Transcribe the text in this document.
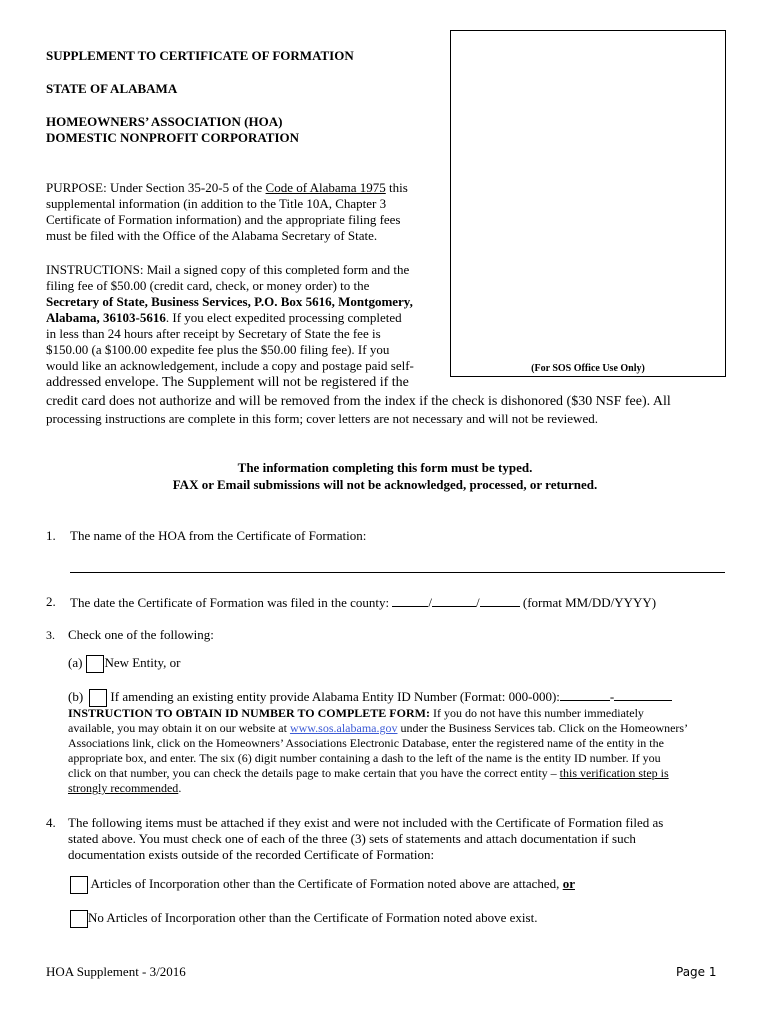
SUPPLEMENT TO CERTIFICATE OF FORMATION
STATE OF ALABAMA
HOMEOWNERS’ ASSOCIATION (HOA)
DOMESTIC NONPROFIT CORPORATION
(For SOS Office Use Only)

PURPOSE: Under Section 35-20-5 of the Code of Alabama 1975 this

supplemental information (in addition to the Title 10A, Chapter 3

Certificate of Formation information) and the appropriate filing fees

must be filed with the Office of the Alabama Secretary of State.

INSTRUCTIONS: Mail a signed copy of this completed form and the

filing fee of $50.00 (credit card, check, or money order) to the

Secretary of State, Business Services, P.O. Box 5616, Montgomery,

Alabama, 36103-5616. If you elect expedited processing completed

in less than 24 hours after receipt by Secretary of State the fee is

$150.00 (a $100.00 expedite fee plus the $50.00 filing fee). If you

would like an acknowledgement, include a copy and postage paid self-

addressed envelope. The Supplement will not be registered if the

credit card does not authorize and will be removed from the index if the check is dishonored ($30 NSF fee). All
processing instructions are complete in this form; cover letters are not necessary and will not be reviewed.
The information completing this form must be typed.
FAX or Email submissions will not be acknowledged, processed, or returned.
1. The name of the HOA from the Certificate of Formation:
2. The date the Certificate of Formation was filed in the county:	/	/	(format MM/DD/YYYY)
3. Check one of the following:
(a) New Entity, or
(b) If amending an existing entity provide Alabama Entity ID Number (Format: 000-000):	-

INSTRUCTION TO OBTAIN ID NUMBER TO COMPLETE FORM: If you do not have this number immediately

available, you may obtain it on our website at www.sos.alabama.gov under the Business Services tab. Click on the Homeowners’

Associations link, click on the Homeowners’ Associations Electronic Database, enter the registered name of the entity in the

appropriate box, and enter. The six (6) digit number containing a dash to the left of the name is the entity ID number. If you

click on that number, you can check the details page to make certain that you have the correct entity – this verification step is

strongly recommended.

4. The following items must be attached if they exist and were not included with the Certificate of Formation filed as

stated above. You must check one of each of the three (3) sets of statements and attach documentation if such

documentation exists outside of the recorded Certificate of Formation:

Articles of Incorporation other than the Certificate of Formation noted above are attached, or
No Articles of Incorporation other than the Certificate of Formation noted above exist.
HOA Supplement - 3/2016	Page 1
